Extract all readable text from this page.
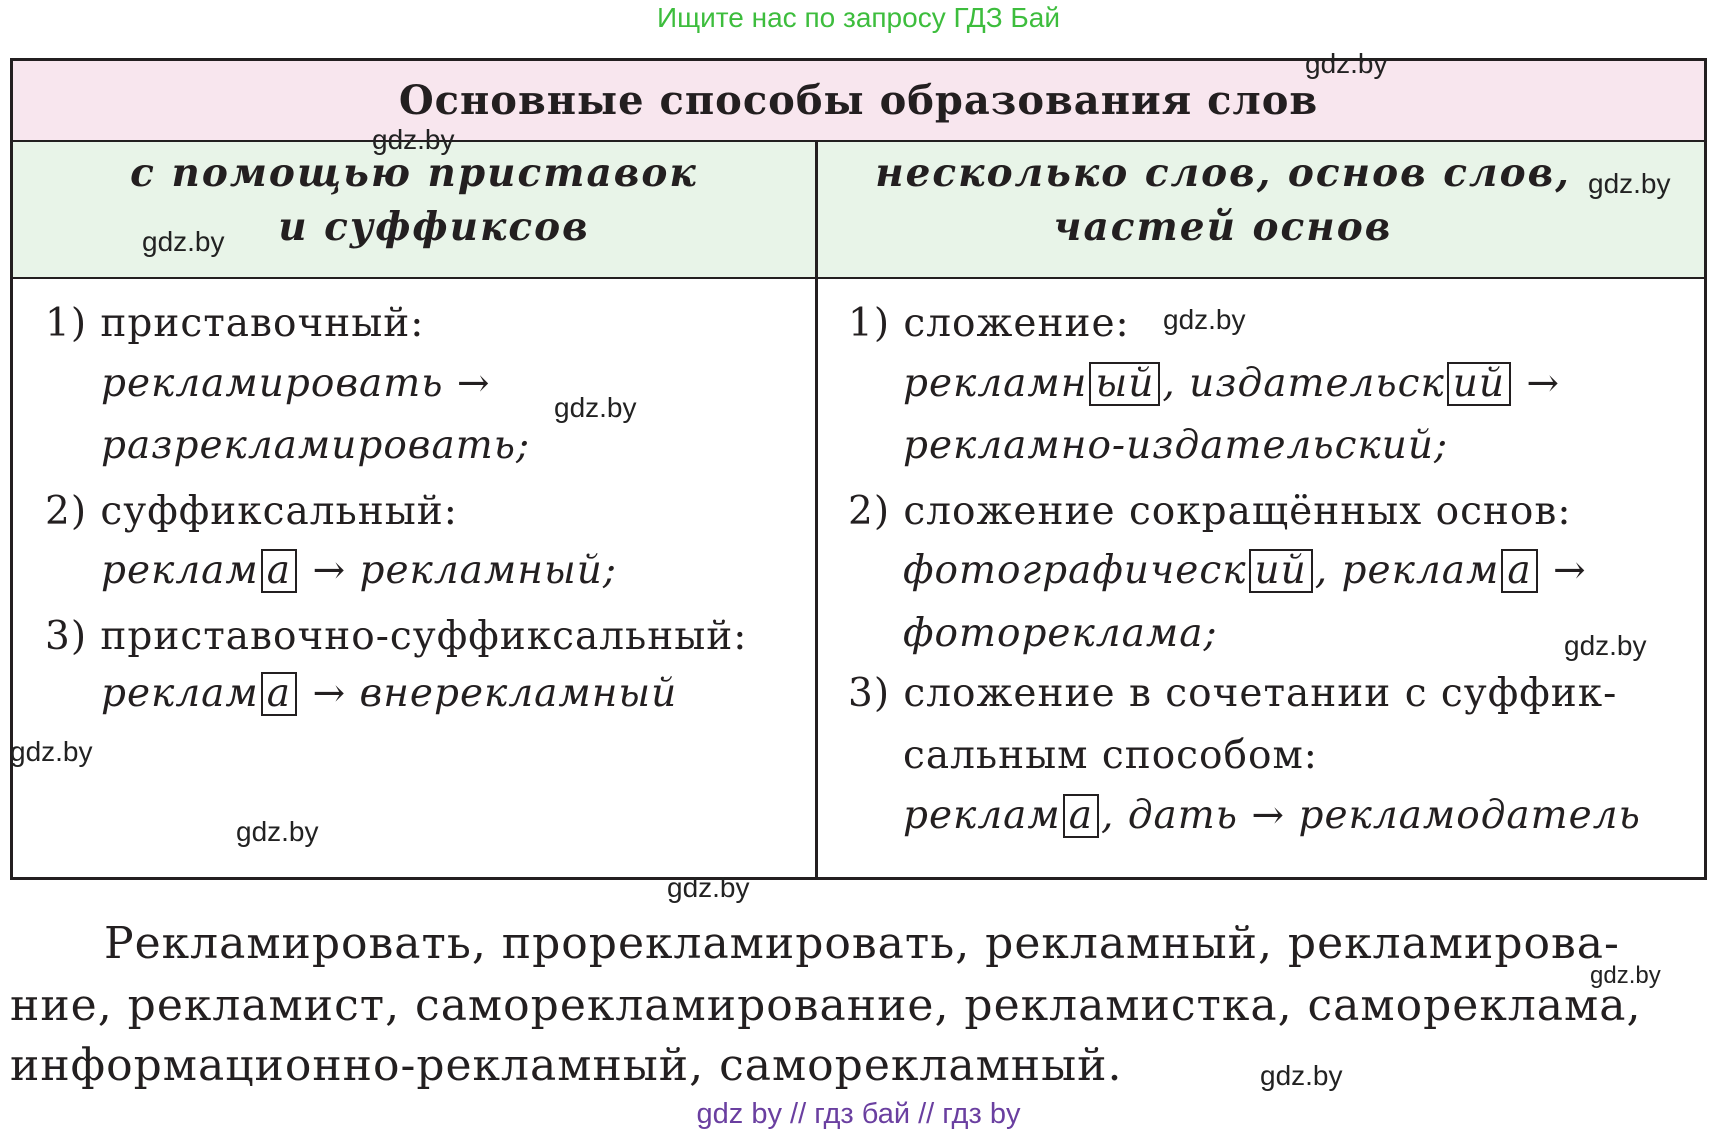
Ищите нас по запросу ГДЗ Бай
Основные способы образования слов
с помощью приставок
и суффиксов
несколько слов, основ слов,
частей основ
1) приставочный:
рекламировать →
разрекламировать;
2) суффиксальный:
реклам а → рекламный;
3) приставочно-суффиксальный:
реклам а → внерекламный
1) сложение:
рекламн ый , издательск ий →
рекламно-издательский;
2) сложение сокращённых основ:
фотографическ ий , реклам а →
фотореклама;
3) сложение в сочетании с суффик-
сальным способом:
реклам а , дать → рекламодатель
gdz.by
gdz.by
gdz.by
gdz.by
gdz.by
gdz.by
gdz.by
gdz.by
gdz.by
gdz.by
gdz.by
gdz.by
Рекламировать, прорекламировать, рекламный, рекламирова-
ние, рекламист, саморекламирование, рекламистка, самореклама,
информационно-рекламный, саморекламный.
gdz by // гдз бай // гдз by
